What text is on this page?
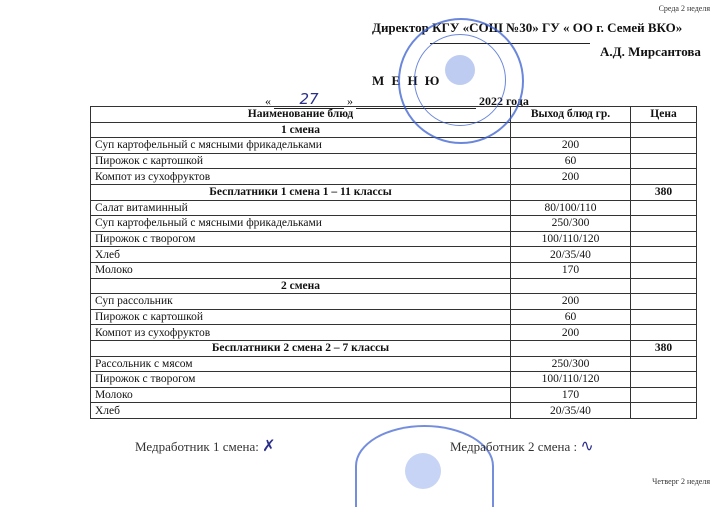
Среда 2 неделя
Директор КГУ «СОШ №30» ГУ « ОО г. Семей ВКО»
А.Д. Мирсантова
М Е Н Ю
« 27 »	2022 года
Наименование блюд	Выход блюд гр.	Цена
1 смена		
Суп картофельный с мясными фрикадельками	200	
Пирожок с картошкой	60	
Компот из сухофруктов	200	
Бесплатники 1 смена 1 – 11 классы		380
Салат витаминный	80/100/110	
Суп картофельный с мясными фрикадельками	250/300	
Пирожок с творогом	100/110/120	
Хлеб	20/35/40	
Молоко	170	
2 смена		
Суп рассольник	200	
Пирожок с картошкой	60	
Компот из сухофруктов	200	
Бесплатники 2 смена 2 – 7 классы		380
Рассольник с мясом	250/300	
Пирожок с творогом	100/110/120	
Молоко	170	
Хлеб	20/35/40	
Медработник 1 смена: ✗	Медработник 2 смена : ∿
Четверг 2 неделя
